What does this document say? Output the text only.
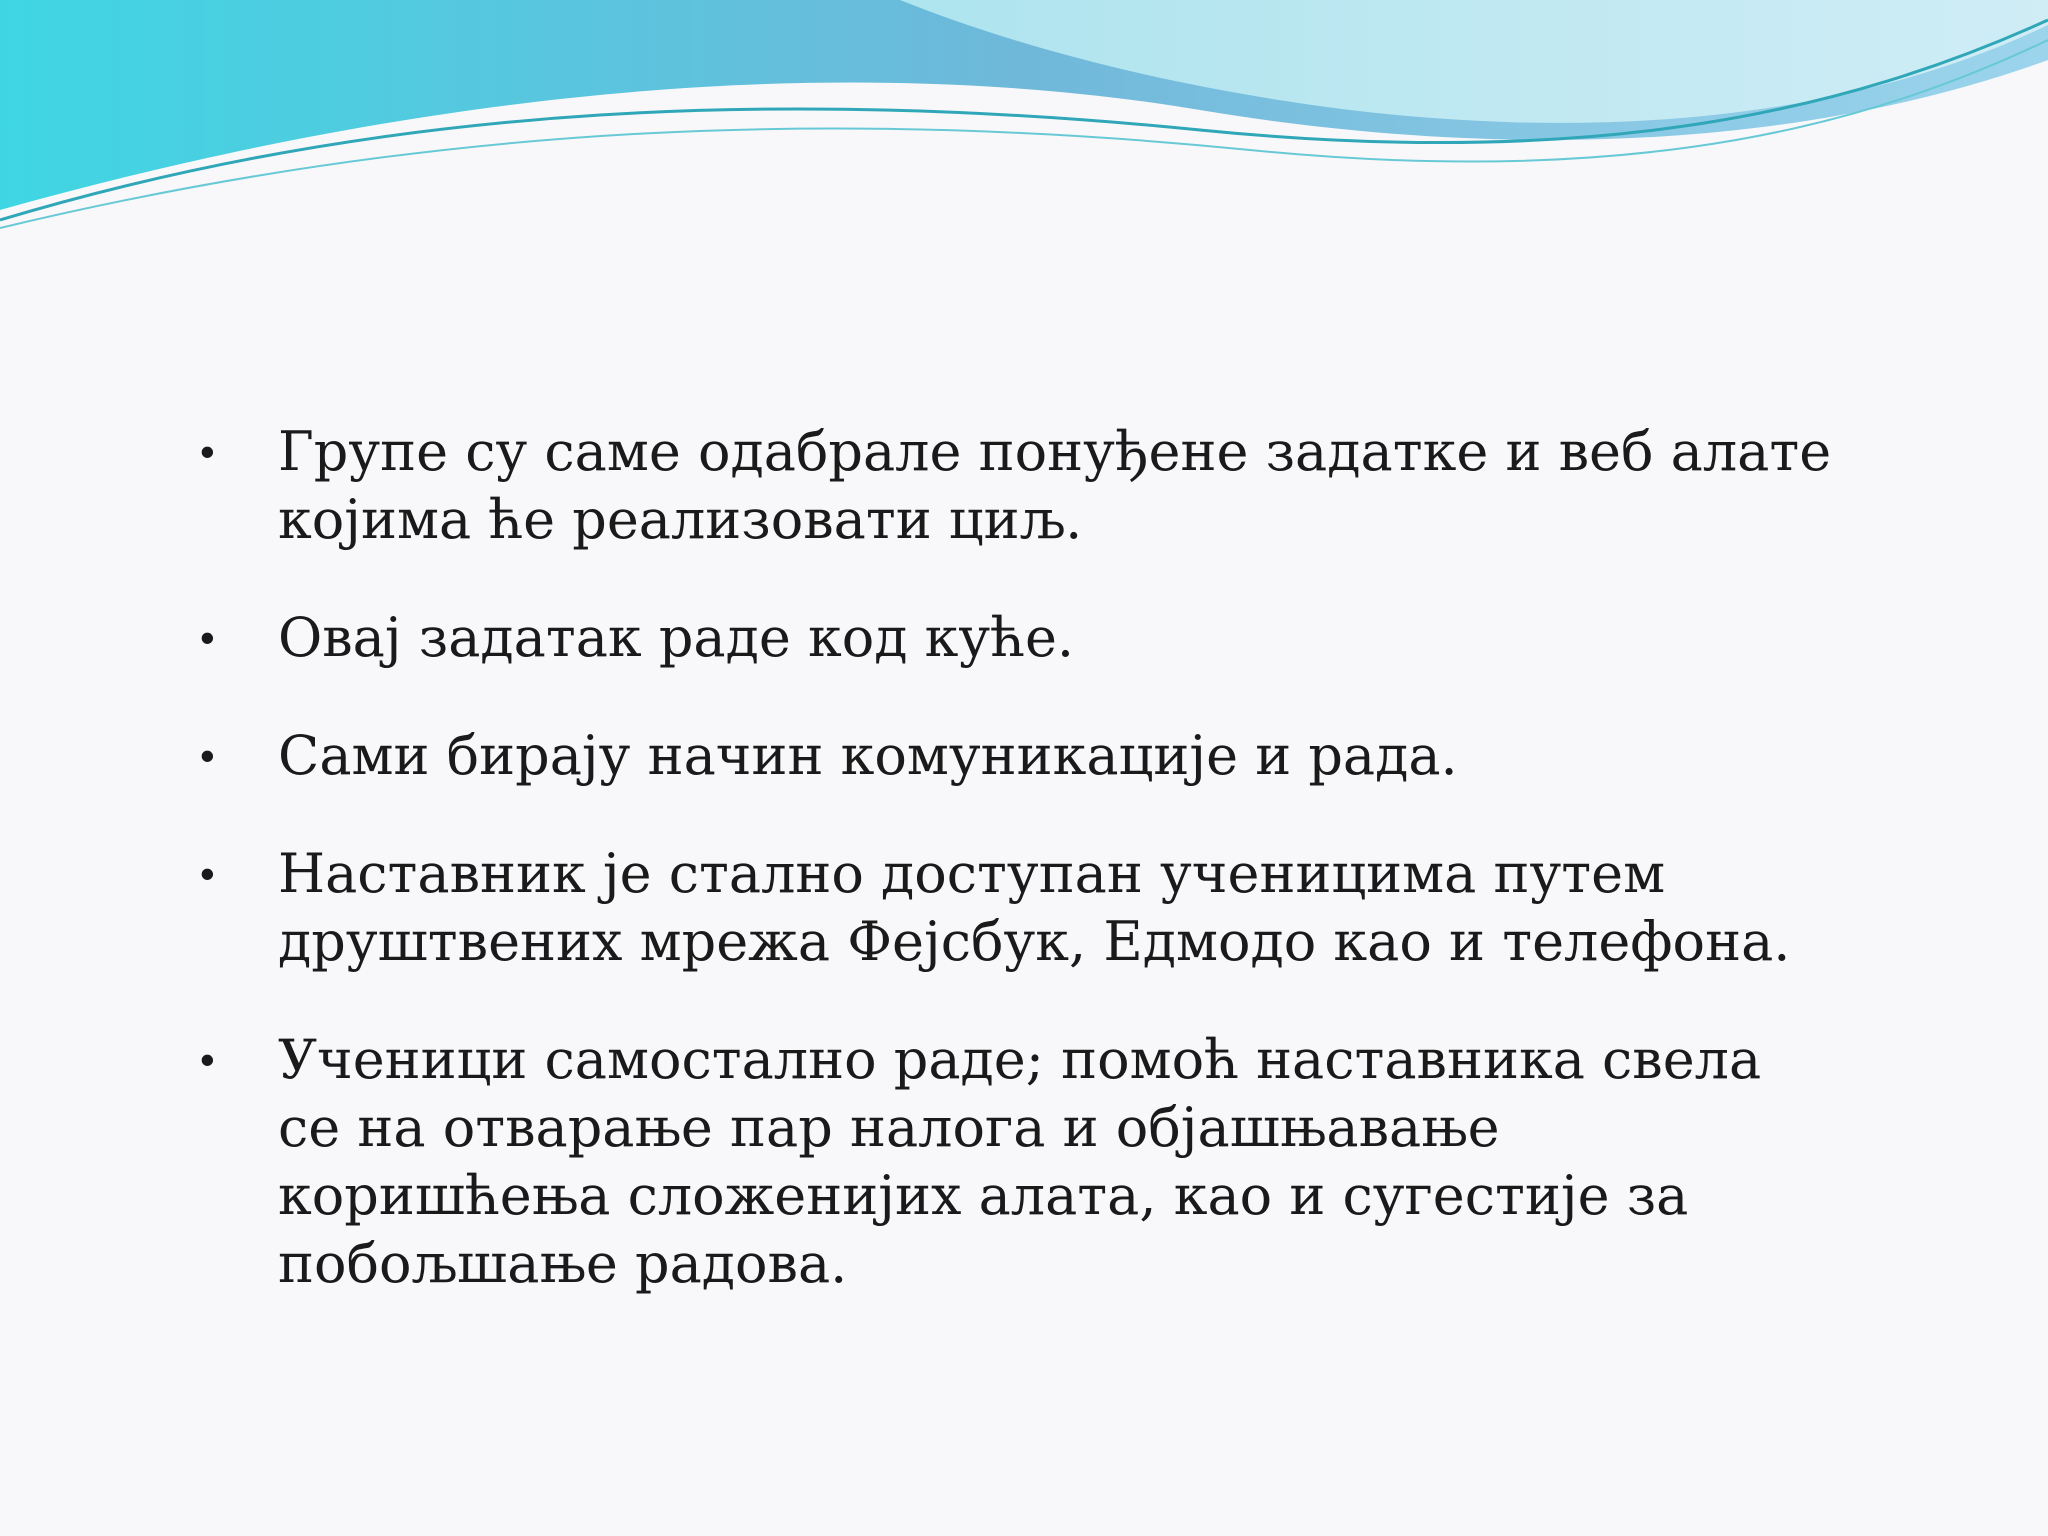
• Групе су саме одабрале понуђене задатке и веб алате
којима ће реализовати циљ.
• Овај задатак раде код куће.
• Сами бирају начин комуникације и рада.
• Наставник је стално доступан ученицима путем
друштвених мрежа Фејсбук, Едмодо као и телефона.
• Ученици самостално раде; помоћ наставника свела
се на отварање пар налога и објашњавање
коришћења сложенијих алата, као и сугестије за
побољшање радова.
